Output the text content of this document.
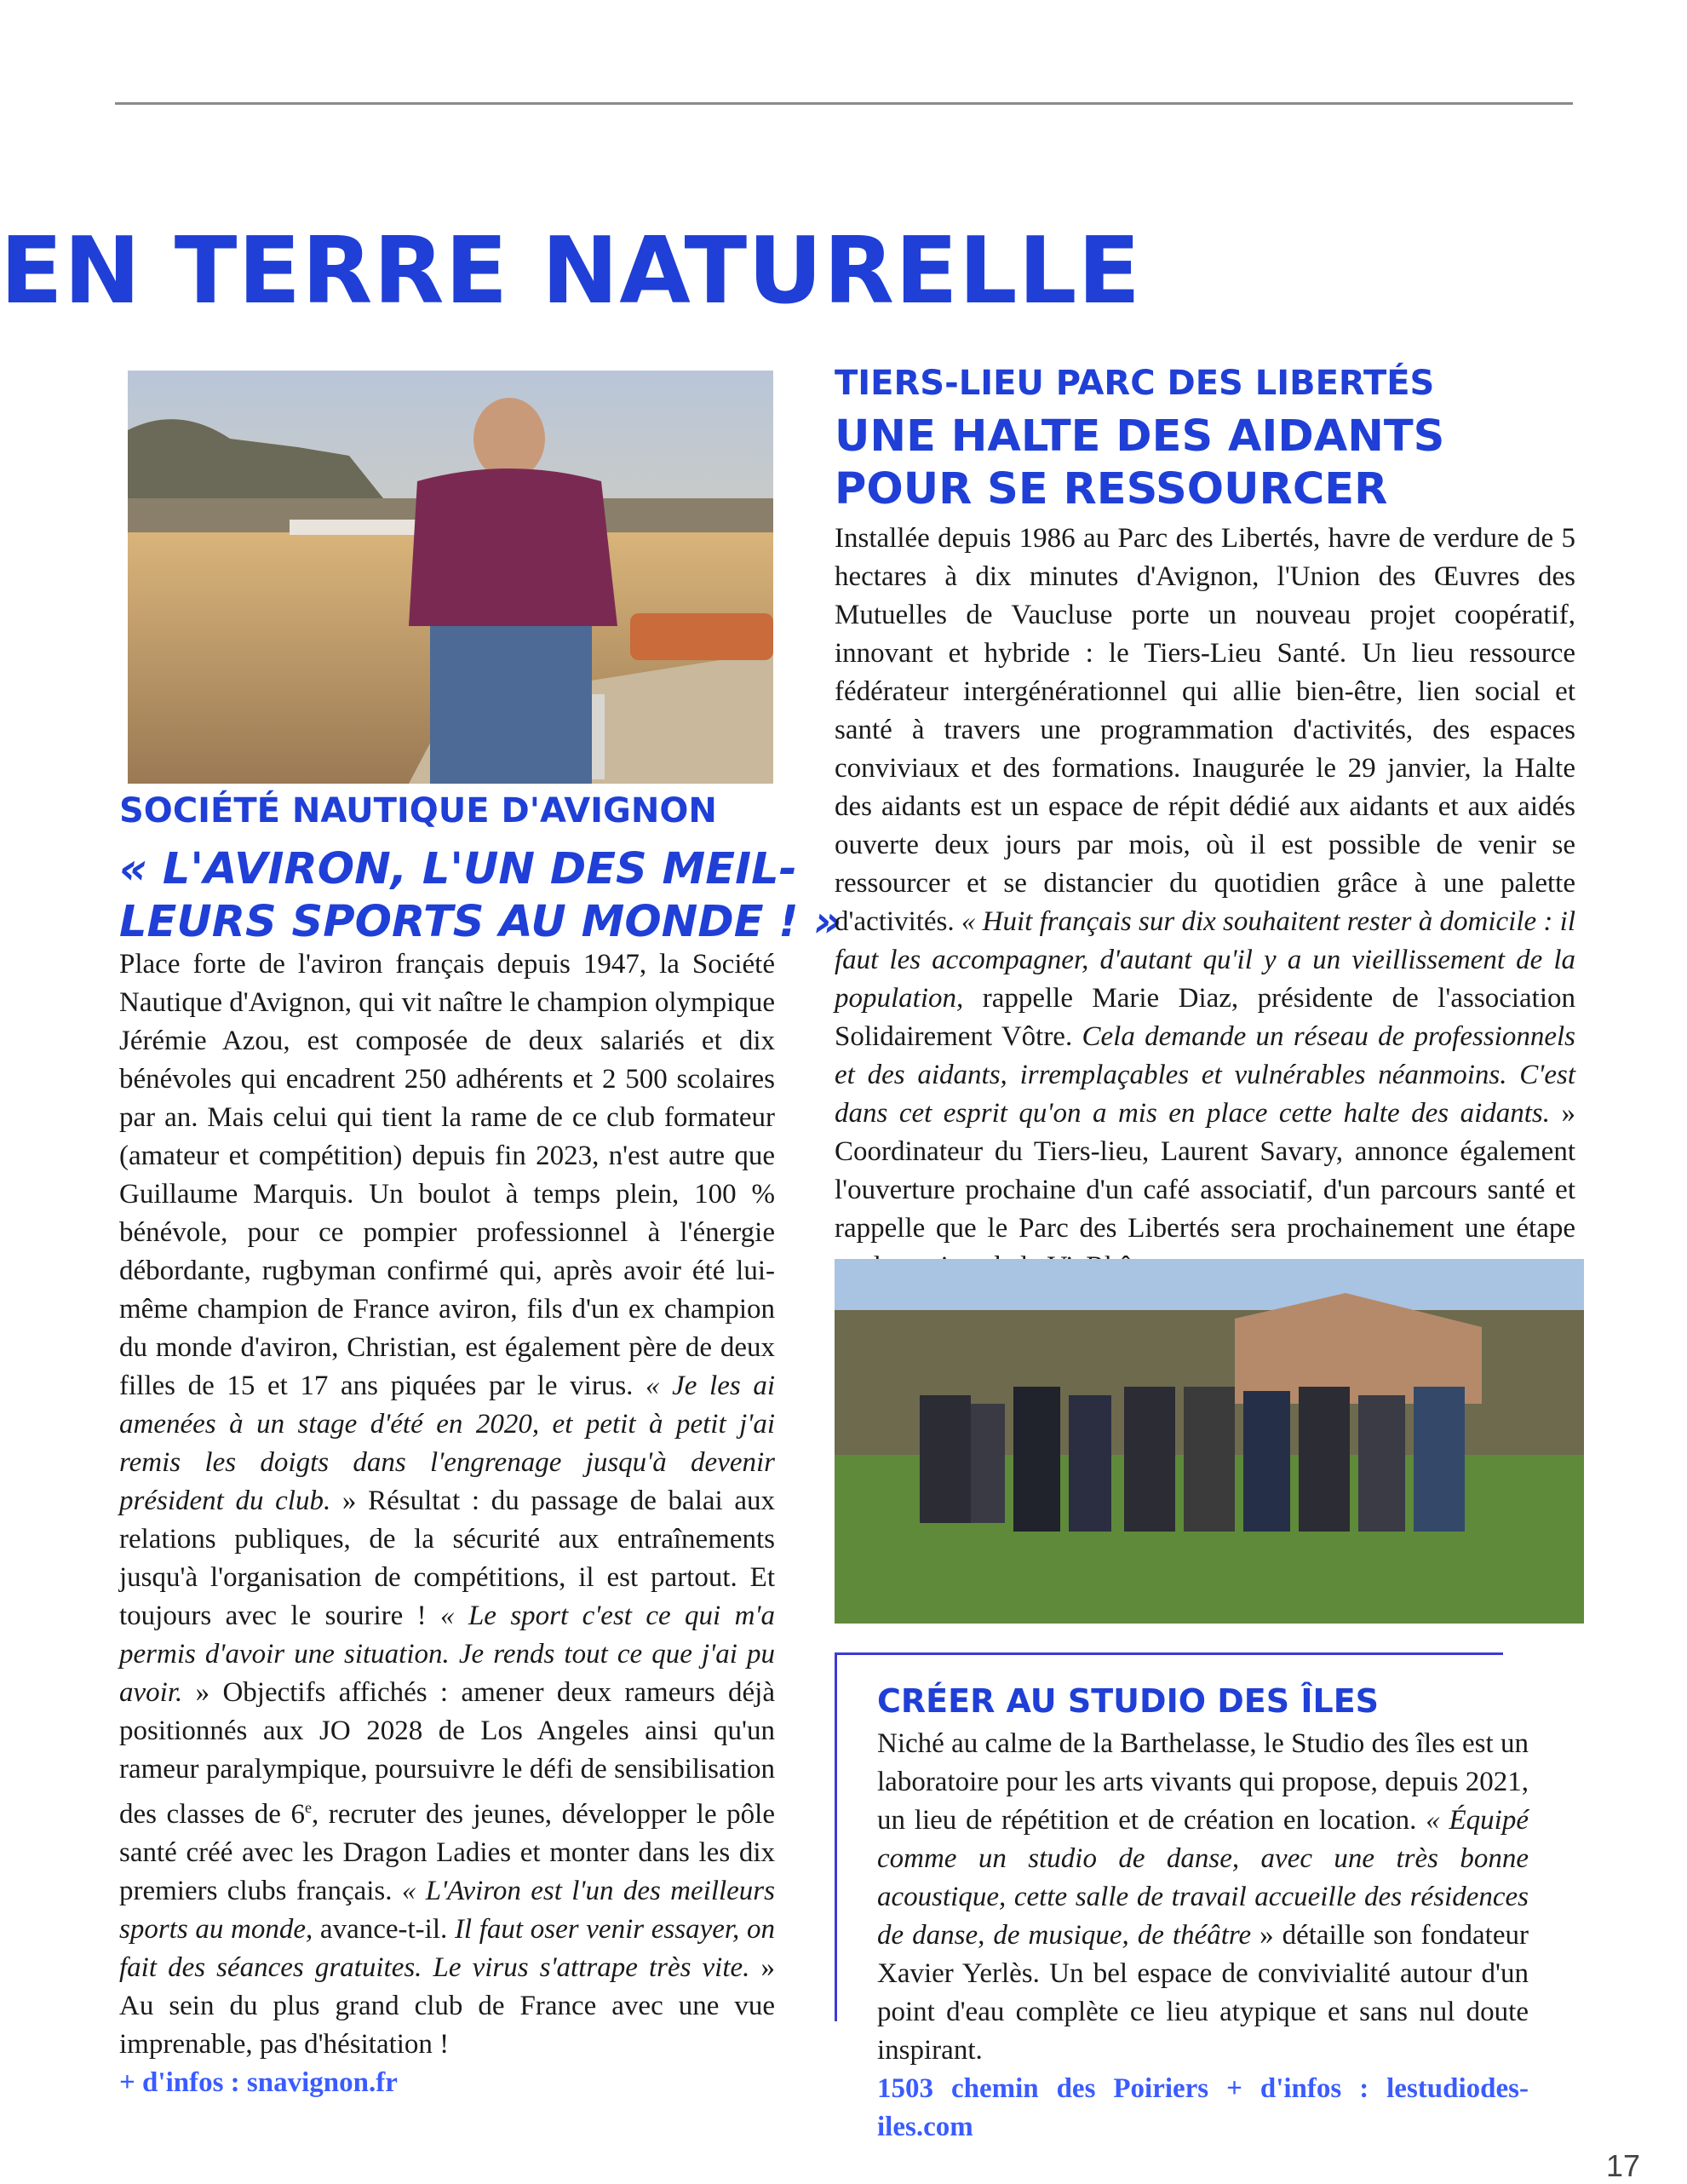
EN TERRE NATURELLE
SOCIÉTÉ NAUTIQUE D'AVIGNON
« L'AVIRON, L'UN DES MEIL-
LEURS SPORTS AU MONDE ! »

Place forte de l'aviron français depuis 1947, la Société Nautique d'Avignon, qui vit naître le champion olympique Jérémie Azou, est composée de deux salariés et dix bénévoles qui encadrent 250 adhérents et 2 500 scolaires par an. Mais celui qui tient la rame de ce club formateur (amateur et compétition) depuis fin 2023, n'est autre que Guillaume Marquis. Un boulot à temps plein, 100 % bénévole, pour ce pompier professionnel à l'énergie débordante, rugbyman confirmé qui, après avoir été lui-même champion de France aviron, fils d'un ex champion du monde d'aviron, Christian, est également père de deux filles de 15 et 17 ans piquées par le virus. « Je les ai amenées à un stage d'été en 2020, et petit à petit j'ai remis les doigts dans l'engrenage jusqu'à devenir président du club. » Résultat : du passage de balai aux relations publiques, de la sécurité aux entraînements jusqu'à l'organisation de compétitions, il est partout. Et toujours avec le sourire ! « Le sport c'est ce qui m'a permis d'avoir une situation. Je rends tout ce que j'ai pu avoir. » Objectifs affichés : amener deux rameurs déjà positionnés aux JO 2028 de Los Angeles ainsi qu'un rameur paralympique, poursuivre le défi de sensibilisation des classes de 6e, recruter des jeunes, développer le pôle santé créé avec les Dragon Ladies et monter dans les dix premiers clubs français. « L'Aviron est l'un des meilleurs sports au monde, avance-t-il. Il faut oser venir essayer, on fait des séances gratuites. Le virus s'attrape très vite. » Au sein du plus grand club de France avec une vue imprenable, pas d'hésitation !
+ d'infos : snavignon.fr

TIERS-LIEU PARC DES LIBERTÉS
UNE HALTE DES AIDANTS
POUR SE RESSOURCER

Installée depuis 1986 au Parc des Libertés, havre de verdure de 5 hectares à dix minutes d'Avignon, l'Union des Œuvres des Mutuelles de Vaucluse porte un nouveau projet coopératif, innovant et hybride : le Tiers-Lieu Santé. Un lieu ressource fédérateur intergénérationnel qui allie bien-être, lien social et santé à travers une programmation d'activités, des espaces conviviaux et des formations. Inaugurée le 29 janvier, la Halte des aidants est un espace de répit dédié aux aidants et aux aidés ouverte deux jours par mois, où il est possible de venir se ressourcer et se distancier du quotidien grâce à une palette d'activités. « Huit français sur dix souhaitent rester à domicile : il faut les accompagner, d'autant qu'il y a un vieillissement de la population, rappelle Marie Diaz, présidente de l'association Solidairement Vôtre. Cela demande un réseau de professionnels et des aidants, irremplaçables et vulnérables néanmoins. C'est dans cet esprit qu'on a mis en place cette halte des aidants. » Coordinateur du Tiers-lieu, Laurent Savary, annonce également l'ouverture prochaine d'un café associatif, d'un parcours santé et rappelle que le Parc des Libertés sera prochainement une étape

CRÉER AU STUDIO DES ÎLES

Niché au calme de la Barthelasse, le Studio des îles est un laboratoire pour les arts vivants qui propose, depuis 2021, un lieu de répétition et de création en location. « Équipé comme un studio de danse, avec une très bonne acoustique, cette salle de travail accueille des résidences de danse, de musique, de théâtre » détaille son fondateur Xavier Yerlès. Un bel espace de convivialité autour d'un point d'eau complète ce lieu atypique et sans nul doute inspirant.
1503 chemin des Poiriers + d'infos : lestudiodes-iles.com

17
